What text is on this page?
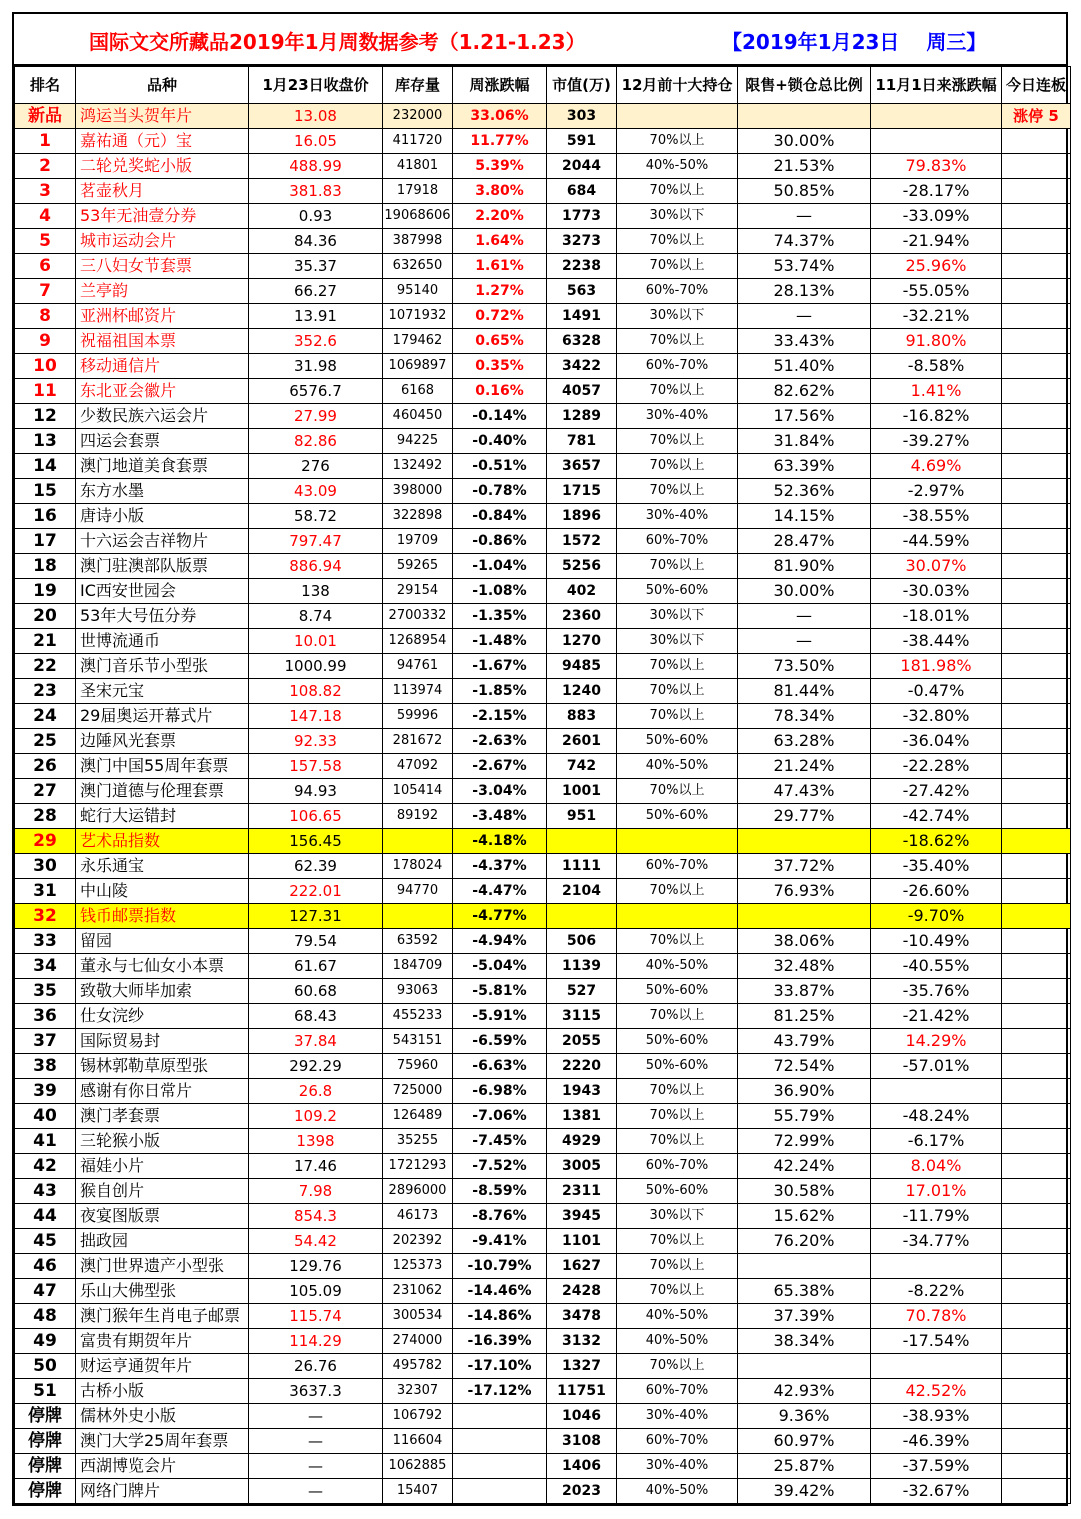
国际文交所藏品2019年1月周数据参考（1.21-1.23）	【2019年1月23日　 周三】
排名	品种	1月23日收盘价	库存量	周涨跌幅	市值(万)	12月前十大持仓	限售+锁仓总比例	11月1日来涨跌幅	今日连板
新品	鸿运当头贺年片	13.08	232000	33.06%	303				涨停 5
1	嘉祐通（元）宝	16.05	411720	11.77%	591	70%以上	30.00%		
2	二轮兑奖蛇小版	488.99	41801	5.39%	2044	40%-50%	21.53%	79.83%	
3	茗壶秋月	381.83	17918	3.80%	684	70%以上	50.85%	-28.17%	
4	53年无油壹分券	0.93	19068606	2.20%	1773	30%以下	—	-33.09%	
5	城市运动会片	84.36	387998	1.64%	3273	70%以上	74.37%	-21.94%	
6	三八妇女节套票	35.37	632650	1.61%	2238	70%以上	53.74%	25.96%	
7	兰亭韵	66.27	95140	1.27%	563	60%-70%	28.13%	-55.05%	
8	亚洲杯邮资片	13.91	1071932	0.72%	1491	30%以下	—	-32.21%	
9	祝福祖国本票	352.6	179462	0.65%	6328	70%以上	33.43%	91.80%	
10	移动通信片	31.98	1069897	0.35%	3422	60%-70%	51.40%	-8.58%	
11	东北亚会徽片	6576.7	6168	0.16%	4057	70%以上	82.62%	1.41%	
12	少数民族六运会片	27.99	460450	-0.14%	1289	30%-40%	17.56%	-16.82%	
13	四运会套票	82.86	94225	-0.40%	781	70%以上	31.84%	-39.27%	
14	澳门地道美食套票	276	132492	-0.51%	3657	70%以上	63.39%	4.69%	
15	东方水墨	43.09	398000	-0.78%	1715	70%以上	52.36%	-2.97%	
16	唐诗小版	58.72	322898	-0.84%	1896	30%-40%	14.15%	-38.55%	
17	十六运会吉祥物片	797.47	19709	-0.86%	1572	60%-70%	28.47%	-44.59%	
18	澳门驻澳部队版票	886.94	59265	-1.04%	5256	70%以上	81.90%	30.07%	
19	IC西安世园会	138	29154	-1.08%	402	50%-60%	30.00%	-30.03%	
20	53年大号伍分券	8.74	2700332	-1.35%	2360	30%以下	—	-18.01%	
21	世博流通币	10.01	1268954	-1.48%	1270	30%以下	—	-38.44%	
22	澳门音乐节小型张	1000.99	94761	-1.67%	9485	70%以上	73.50%	181.98%	
23	圣宋元宝	108.82	113974	-1.85%	1240	70%以上	81.44%	-0.47%	
24	29届奥运开幕式片	147.18	59996	-2.15%	883	70%以上	78.34%	-32.80%	
25	边陲风光套票	92.33	281672	-2.63%	2601	50%-60%	63.28%	-36.04%	
26	澳门中国55周年套票	157.58	47092	-2.67%	742	40%-50%	21.24%	-22.28%	
27	澳门道德与伦理套票	94.93	105414	-3.04%	1001	70%以上	47.43%	-27.42%	
28	蛇行大运错封	106.65	89192	-3.48%	951	50%-60%	29.77%	-42.74%	
29	艺术品指数	156.45		-4.18%				-18.62%	
30	永乐通宝	62.39	178024	-4.37%	1111	60%-70%	37.72%	-35.40%	
31	中山陵	222.01	94770	-4.47%	2104	70%以上	76.93%	-26.60%	
32	钱币邮票指数	127.31		-4.77%				-9.70%	
33	留园	79.54	63592	-4.94%	506	70%以上	38.06%	-10.49%	
34	董永与七仙女小本票	61.67	184709	-5.04%	1139	40%-50%	32.48%	-40.55%	
35	致敬大师毕加索	60.68	93063	-5.81%	527	50%-60%	33.87%	-35.76%	
36	仕女浣纱	68.43	455233	-5.91%	3115	70%以上	81.25%	-21.42%	
37	国际贸易封	37.84	543151	-6.59%	2055	50%-60%	43.79%	14.29%	
38	锡林郭勒草原型张	292.29	75960	-6.63%	2220	50%-60%	72.54%	-57.01%	
39	感谢有你日常片	26.8	725000	-6.98%	1943	70%以上	36.90%		
40	澳门孝套票	109.2	126489	-7.06%	1381	70%以上	55.79%	-48.24%	
41	三轮猴小版	1398	35255	-7.45%	4929	70%以上	72.99%	-6.17%	
42	福娃小片	17.46	1721293	-7.52%	3005	60%-70%	42.24%	8.04%	
43	猴自创片	7.98	2896000	-8.59%	2311	50%-60%	30.58%	17.01%	
44	夜宴图版票	854.3	46173	-8.76%	3945	30%以下	15.62%	-11.79%	
45	拙政园	54.42	202392	-9.41%	1101	70%以上	76.20%	-34.77%	
46	澳门世界遗产小型张	129.76	125373	-10.79%	1627	70%以上			
47	乐山大佛型张	105.09	231062	-14.46%	2428	70%以上	65.38%	-8.22%	
48	澳门猴年生肖电子邮票	115.74	300534	-14.86%	3478	40%-50%	37.39%	70.78%	
49	富贵有期贺年片	114.29	274000	-16.39%	3132	40%-50%	38.34%	-17.54%	
50	财运亨通贺年片	26.76	495782	-17.10%	1327	70%以上			
51	古桥小版	3637.3	32307	-17.12%	11751	60%-70%	42.93%	42.52%	
停牌	儒林外史小版	—	106792		1046	30%-40%	9.36%	-38.93%	
停牌	澳门大学25周年套票	—	116604		3108	60%-70%	60.97%	-46.39%	
停牌	西湖博览会片	—	1062885		1406	30%-40%	25.87%	-37.59%	
停牌	网络门牌片	—	15407		2023	40%-50%	39.42%	-32.67%	
